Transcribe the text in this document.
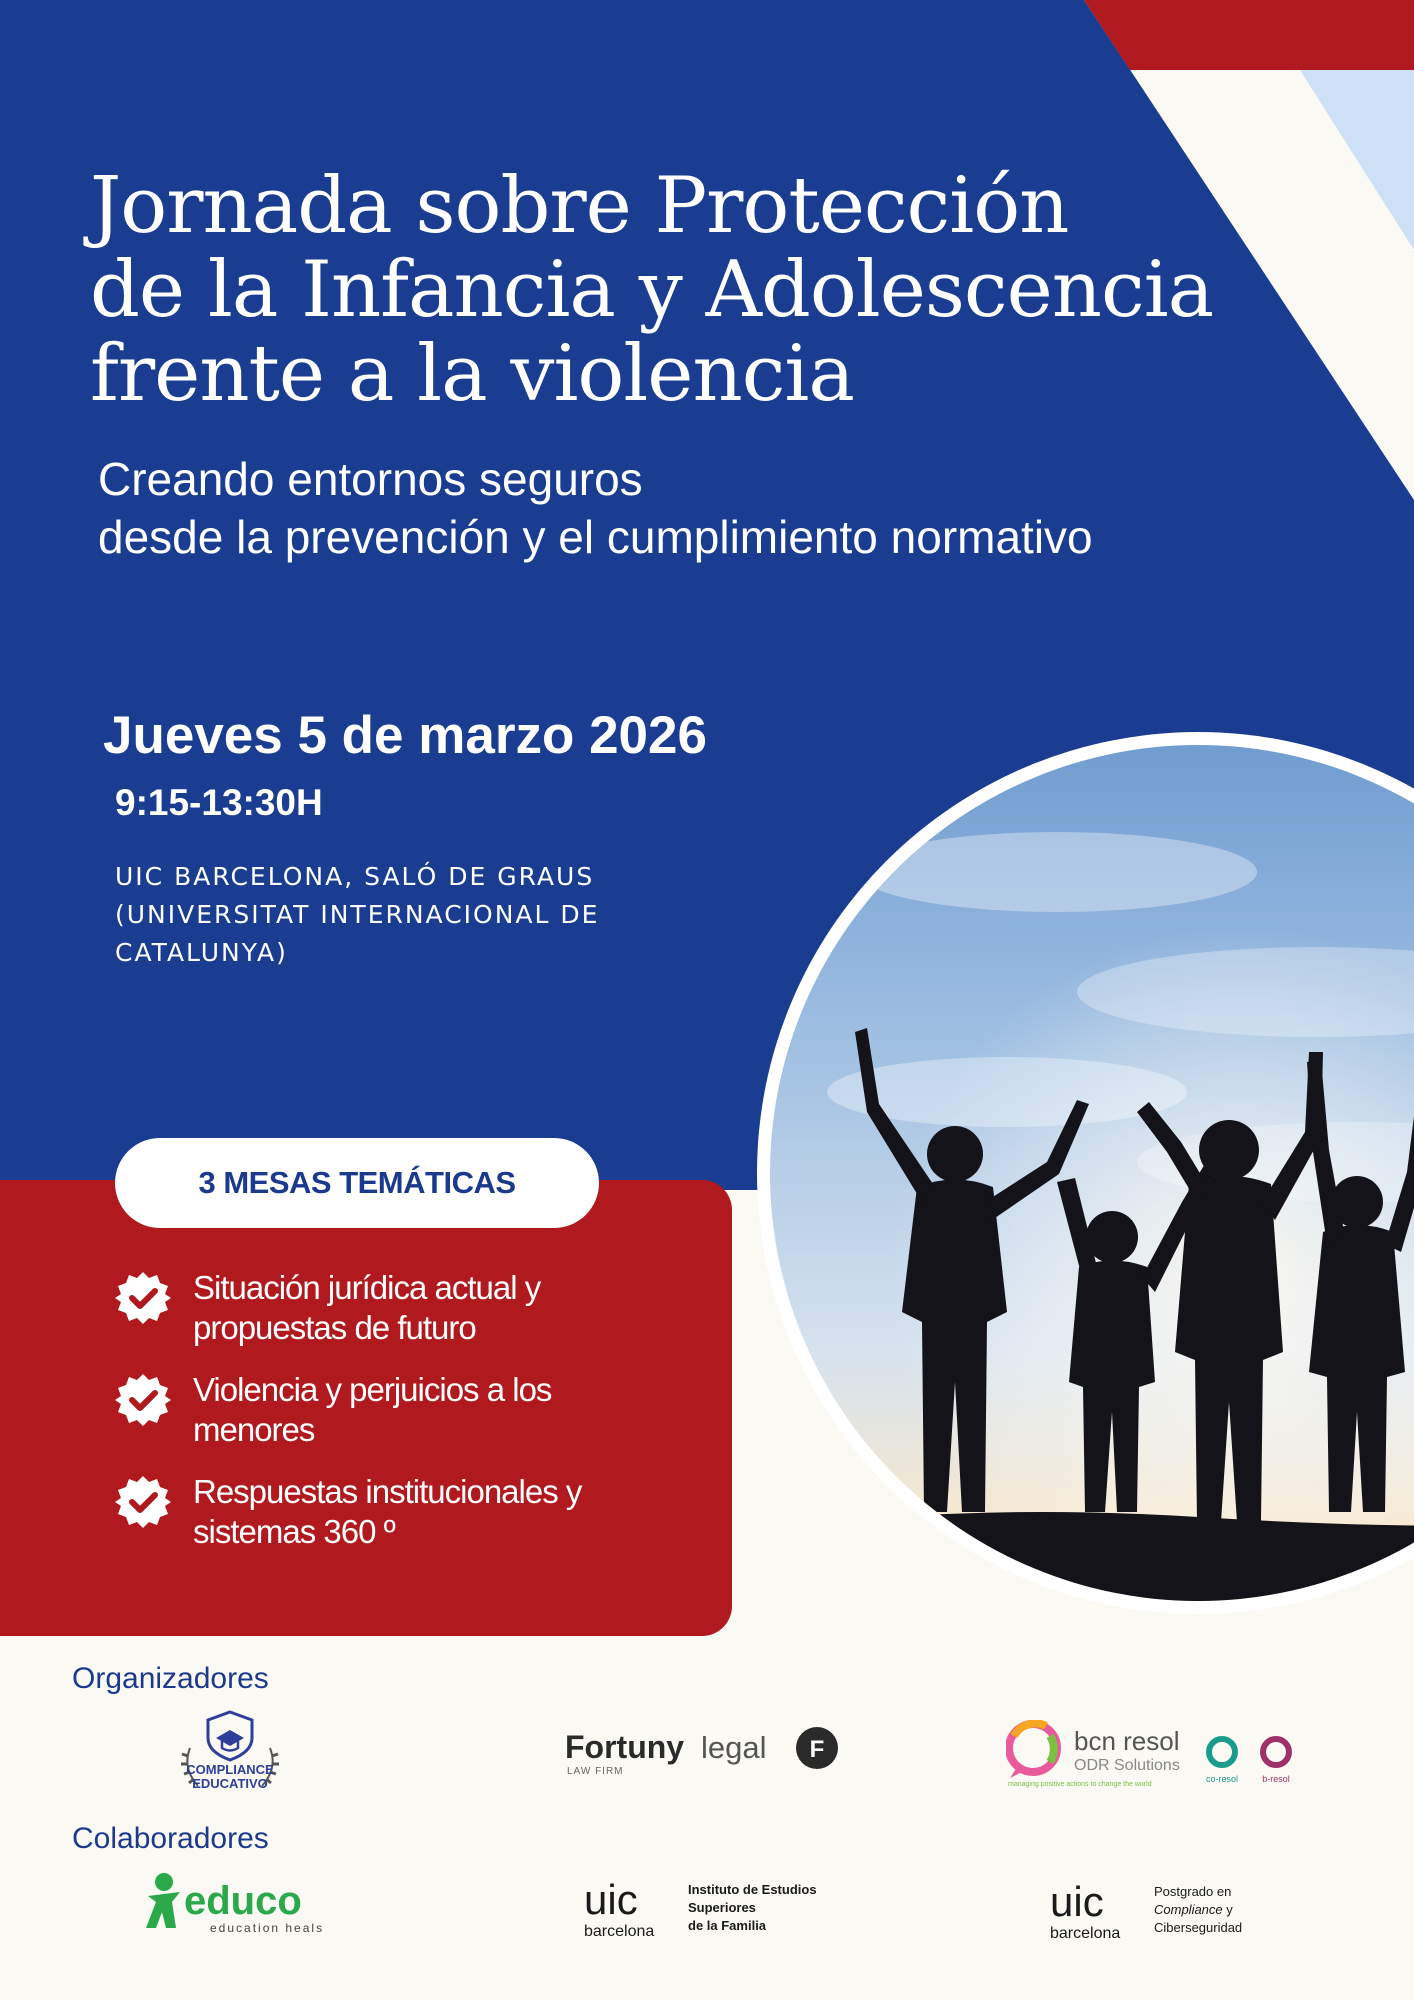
Jornada sobre Protección
de la Infancia y Adolescencia
frente a la violencia
Creando entornos seguros
desde la prevención y el cumplimiento normativo
Jueves 5 de marzo 2026
9:15-13:30H
UIC BARCELONA, SALÓ DE GRAUS
(UNIVERSITAT INTERNACIONAL DE
CATALUNYA)
3 MESAS TEMÁTICAS
Situación jurídica actual y
propuestas de futuro
Violencia y perjuicios a los
menores
Respuestas institucionales y
sistemas 360 º
Organizadores
COMPLIANCE
EDUCATIVO
Fortuny legal
LAW FIRM
F	bcn resol
ODR Solutions
managing positive actions to change the world
co-resol	b-resol
Colaboradores
educo
education heals
uic
barcelona
Instituto de Estudios
Superiores
de la Familia
uic
barcelona
Postgrado en
Compliance y
Ciberseguridad
